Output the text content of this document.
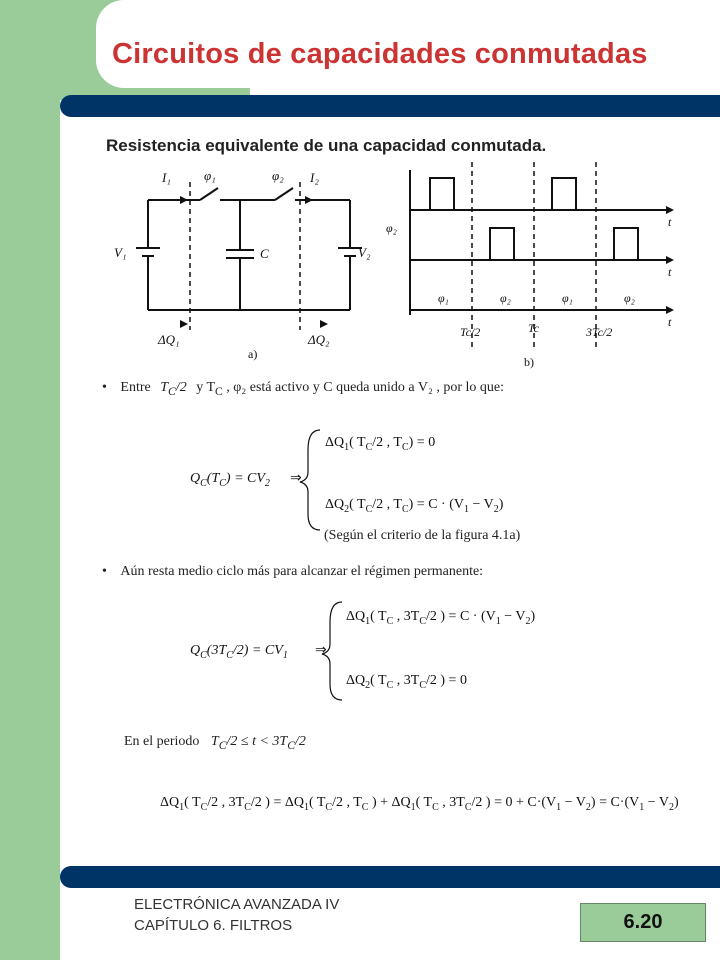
Circuitos de capacidades conmutadas
Resistencia equivalente de una capacidad conmutada.
I₁	φ₁	φ₂ I₂
V₁	C	V₂
ΔQ₁	ΔQ₂
a)
φ₂	t
t
t
φ₁	φ₂	φ₁	φ₂
Tc/2	Tc	3Tc/2
b)
• Entre $T_C/2$ y $T_C$ , φ₂ está activo y C queda unido a V₂ , por lo que:
$Q_C(T_C) = CV_2$ ⇒
$\Delta Q_1$( $T_C/2$ , $T_C) = 0$
$\Delta Q_2$( $T_C/2$ , $T_C) = C \cdot (V_1 - V_2)$
(Según el criterio de la figura 4.1a)
• Aún resta medio ciclo más para alcanzar el régimen permanente:
$Q_C(3T_C/2) = CV_1$ ⇒
$\Delta Q_1$( $T_C$ , $3T_C/2$ ) = $C \cdot (V_1 - V_2)$
$\Delta Q_2$( $T_C$ , $3T_C/2$ ) = 0
En el periodo $T_C/2 \le t < 3T_C/2$
$\Delta Q_1$( $T_C/2$ , $3T_C/2$ ) = $\Delta Q_1$( $T_C/2$ , $T_C$ ) + $\Delta Q_1$( $T_C$ , $3T_C/2$ ) = $0 + C\cdot(V_1 - V_2) = C\cdot(V_1 - V_2)$
ELECTRÓNICA AVANZADA IV
CAPÍTULO 6. FILTROS	6.20
